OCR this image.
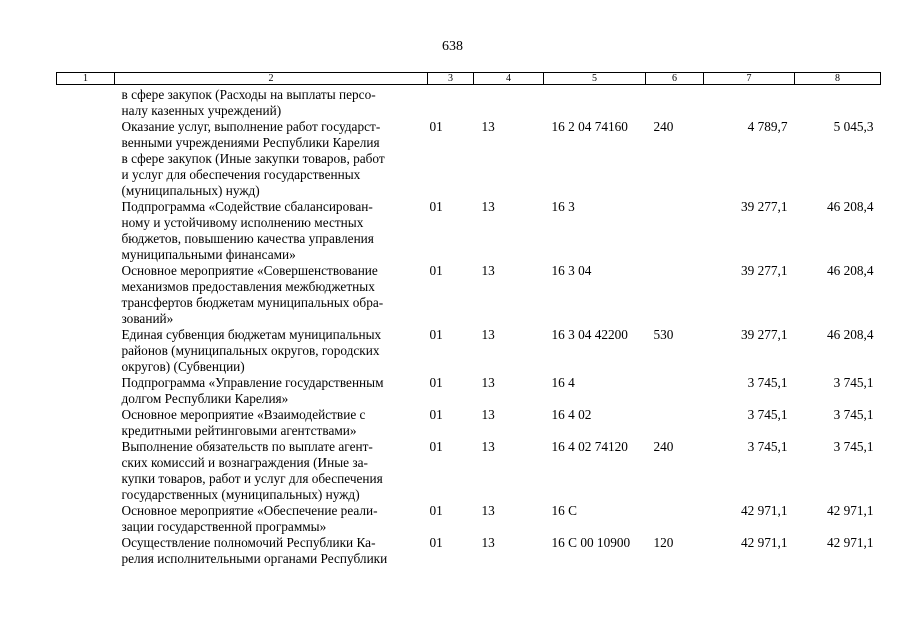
638
1	2	3	4	5	6	7	8

	в сфере закупок (Расходы на выплаты персо-
налу казенных учреждений)						

	Оказание услуг, выполнение работ государст-
венными учреждениями Республики Карелия
в сфере закупок (Иные закупки товаров, работ
и услуг для обеспечения государственных
(муниципальных) нужд)	01	13	16 2 04 74160	240	4 789,7	5 045,3

	Подпрограмма «Содействие сбалансирован-
ному и устойчивому исполнению местных
бюджетов, повышению качества управления
муниципальными финансами»	01	13	16 3		39 277,1	46 208,4

	Основное мероприятие «Совершенствование
механизмов предоставления межбюджетных
трансфертов бюджетам муниципальных обра-
зований»	01	13	16 3 04		39 277,1	46 208,4

	Единая субвенция бюджетам муниципальных
районов (муниципальных округов, городских
округов) (Субвенции)	01	13	16 3 04 42200	530	39 277,1	46 208,4

	Подпрограмма «Управление государственным
долгом Республики Карелия»	01	13	16 4		3 745,1	3 745,1

	Основное мероприятие «Взаимодействие с
кредитными рейтинговыми агентствами»	01	13	16 4 02		3 745,1	3 745,1

	Выполнение обязательств по выплате агент-
ских комиссий и вознаграждения (Иные за-
купки товаров, работ и услуг для обеспечения
государственных (муниципальных) нужд)	01	13	16 4 02 74120	240	3 745,1	3 745,1

	Основное мероприятие «Обеспечение реали-
зации государственной программы»	01	13	16 С		42 971,1	42 971,1

	Осуществление полномочий Республики Ка-
релия исполнительными органами Республики	01	13	16 С 00 10900	120	42 971,1	42 971,1
